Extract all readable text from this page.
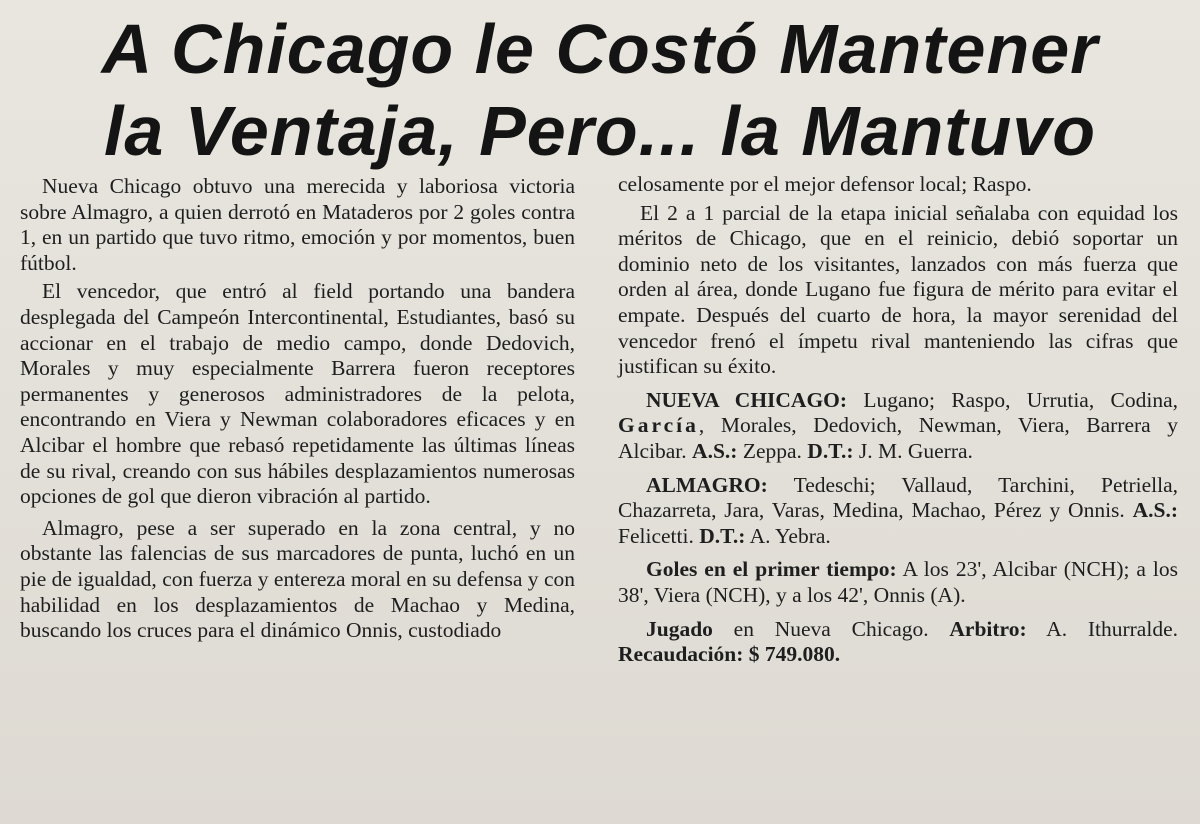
A Chicago le Costó Mantener
la Ventaja, Pero... la Mantuvo

Nueva Chicago obtuvo una merecida y laboriosa victoria sobre Almagro, a quien derrotó en Mataderos por 2 goles contra 1, en un partido que tuvo ritmo, emoción y por momentos, buen fútbol.

El vencedor, que entró al field portando una bandera desplegada del Campeón Intercontinental, Estudiantes, basó su accionar en el trabajo de medio campo, donde Dedovich, Morales y muy especialmente Barrera fueron receptores permanentes y generosos administradores de la pelota, encontrando en Viera y Newman colaboradores eficaces y en Alcibar el hombre que rebasó repetidamente las últimas líneas de su rival, creando con sus hábiles desplazamientos numerosas opciones de gol que dieron vibración al partido.

Almagro, pese a ser superado en la zona central, y no obstante las falencias de sus marcadores de punta, luchó en un pie de igualdad, con fuerza y entereza moral en su defensa y con habilidad en los desplazamientos de Machao y Medina, buscando los cruces para el dinámico Onnis, custodiado

celosamente por el mejor defensor local; Raspo.

El 2 a 1 parcial de la etapa inicial señalaba con equidad los méritos de Chicago, que en el reinicio, debió soportar un dominio neto de los visitantes, lanzados con más fuerza que orden al área, donde Lugano fue figura de mérito para evitar el empate. Después del cuarto de hora, la mayor serenidad del vencedor frenó el ímpetu rival manteniendo las cifras que justifican su éxito.

NUEVA CHICAGO: Lugano; Raspo, Urrutia, Codina, García, Morales, Dedovich, Newman, Viera, Barrera y Alcibar. A.S.: Zeppa. D.T.: J. M. Guerra.

ALMAGRO: Tedeschi; Vallaud, Tarchini, Petriella, Chazarreta, Jara, Varas, Medina, Machao, Pérez y Onnis. A.S.: Felicetti. D.T.: A. Yebra.

Goles en el primer tiempo: A los 23', Alcibar (NCH); a los 38', Viera (NCH), y a los 42', Onnis (A).

Jugado en Nueva Chicago. Arbitro: A. Ithurralde. Recaudación: $ 749.080.
